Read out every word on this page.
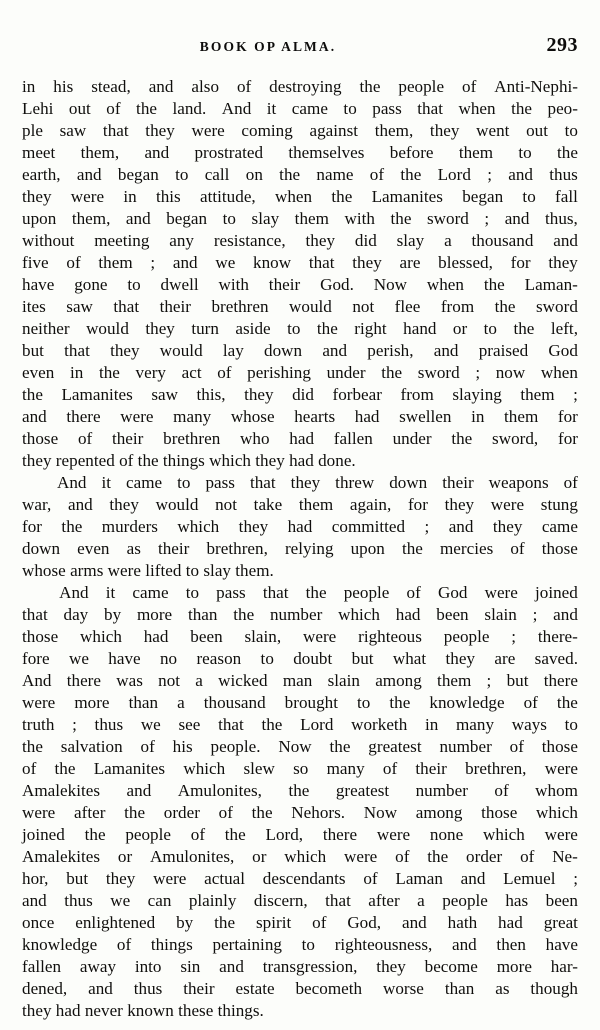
BOOK OP ALMA.	293
in his stead, and also of destroying the people of Anti-Nephi-
Lehi out of the land. And it came to pass that when the peo-
ple saw that they were coming against them, they went out to
meet them, and prostrated themselves before them to the
earth, and began to call on the name of the Lord ; and thus
they were in this attitude, when the Lamanites began to fall
upon them, and began to slay them with the sword ; and thus,
without meeting any resistance, they did slay a thousand and
five of them ; and we know that they are blessed, for they
have gone to dwell with their God. Now when the Laman-
ites saw that their brethren would not flee from the sword
neither would they turn aside to the right hand or to the left,
but that they would lay down and perish, and praised God
even in the very act of perishing under the sword ; now when
the Lamanites saw this, they did forbear from slaying them ;
and there were many whose hearts had swellen in them for
those of their brethren who had fallen under the sword, for
they repented of the things which they had done.
And it came to pass that they threw down their weapons of
war, and they would not take them again, for they were stung
for the murders which they had committed ; and they came
down even as their brethren, relying upon the mercies of those
whose arms were lifted to slay them.
And it came to pass that the people of God were joined
that day by more than the number which had been slain ; and
those which had been slain, were righteous people ; there-
fore we have no reason to doubt but what they are saved.
And there was not a wicked man slain among them ; but there
were more than a thousand brought to the knowledge of the
truth ; thus we see that the Lord worketh in many ways to
the salvation of his people. Now the greatest number of those
of the Lamanites which slew so many of their brethren, were
Amalekites and Amulonites, the greatest number of whom
were after the order of the Nehors. Now among those which
joined the people of the Lord, there were none which were
Amalekites or Amulonites, or which were of the order of Ne-
hor, but they were actual descendants of Laman and Lemuel ;
and thus we can plainly discern, that after a people has been
once enlightened by the spirit of God, and hath had great
knowledge of things pertaining to righteousness, and then have
fallen away into sin and transgression, they become more har-
dened, and thus their estate becometh worse than as though
they had never known these things.
